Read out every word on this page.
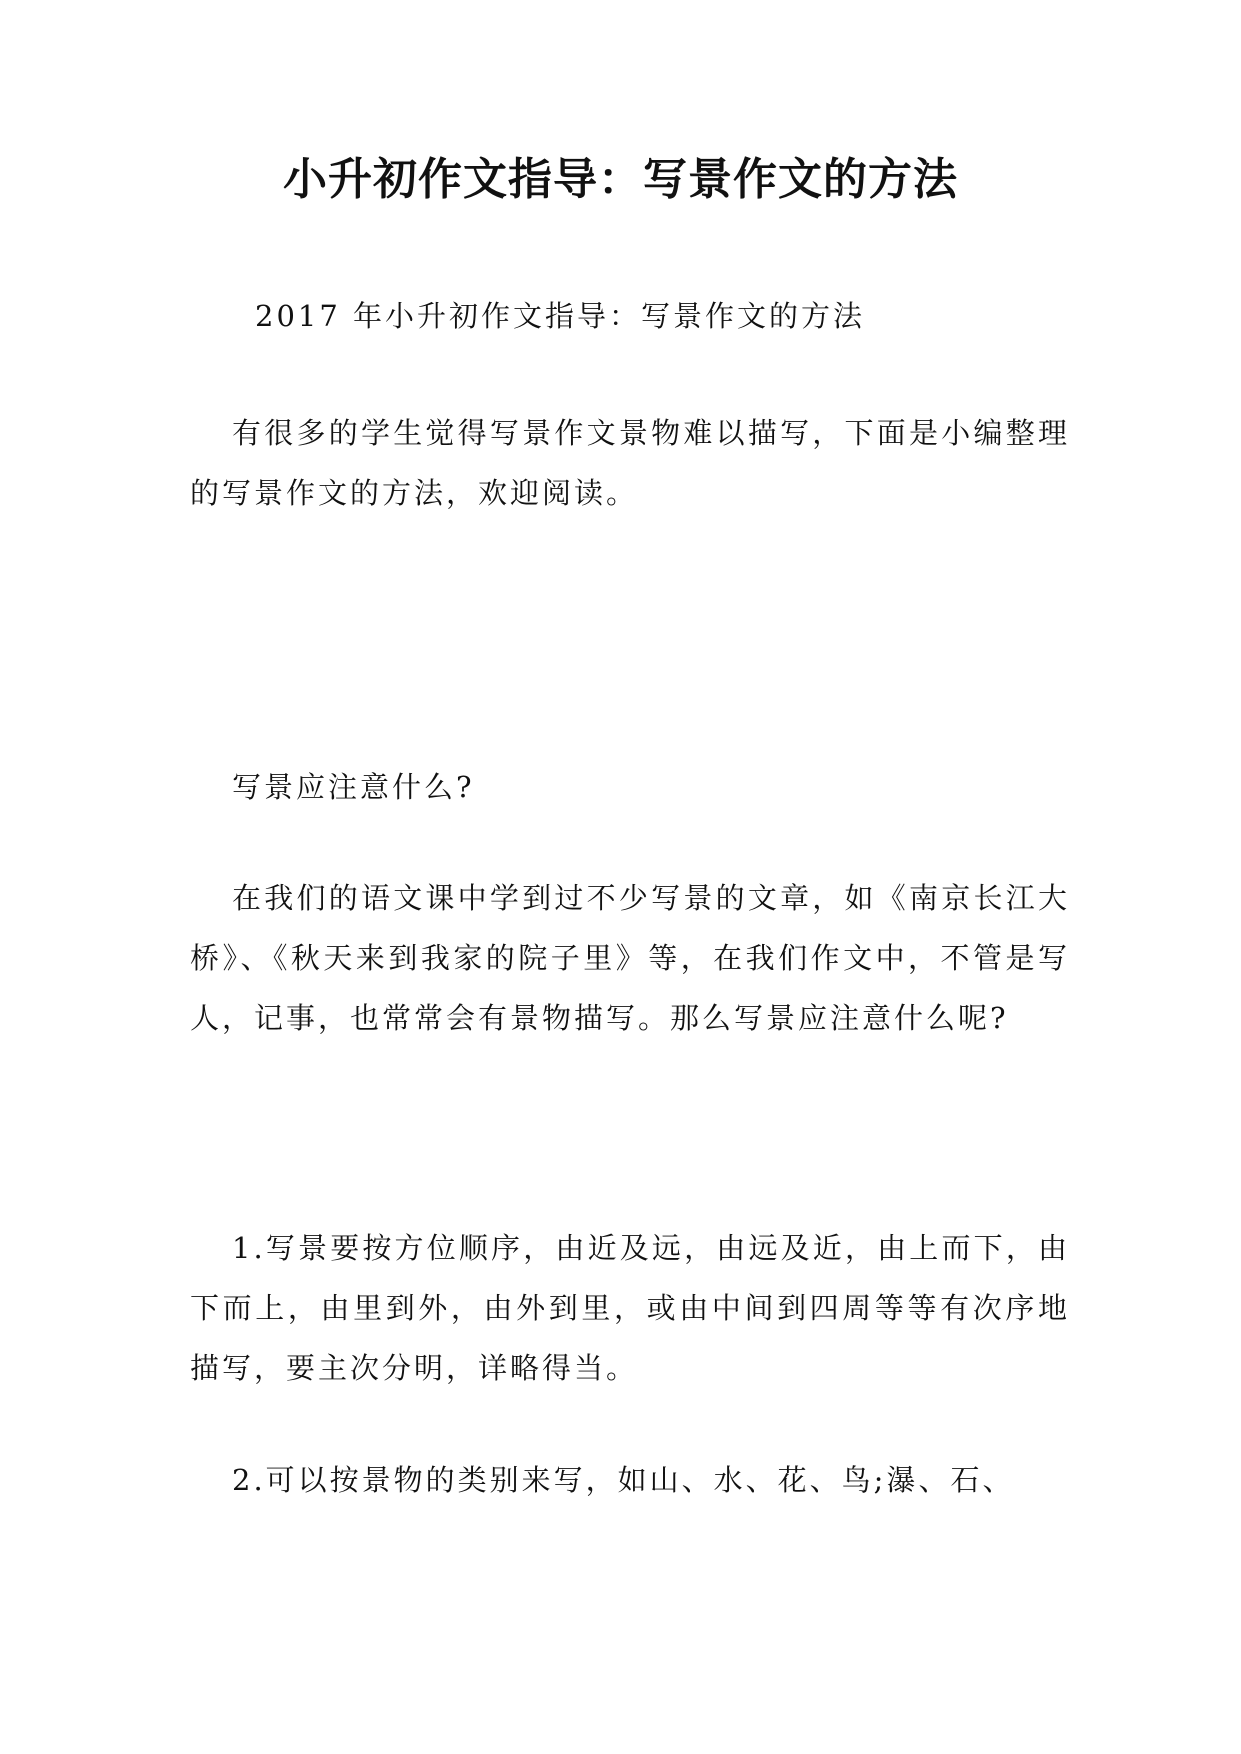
小升初作文指导：写景作文的方法
2017 年小升初作文指导：写景作文的方法
有很多的学生觉得写景作文景物难以描写，下面是小编整理的写景作文的方法，欢迎阅读。
写景应注意什么?
在我们的语文课中学到过不少写景的文章，如《南京长江大桥》、《秋天来到我家的院子里》等，在我们作文中，不管是写人，记事，也常常会有景物描写。那么写景应注意什么呢?
1.写景要按方位顺序，由近及远，由远及近，由上而下，由下而上，由里到外，由外到里，或由中间到四周等等有次序地描写，要主次分明，详略得当。
2.可以按景物的类别来写，如山、水、花、鸟;瀑、石、
